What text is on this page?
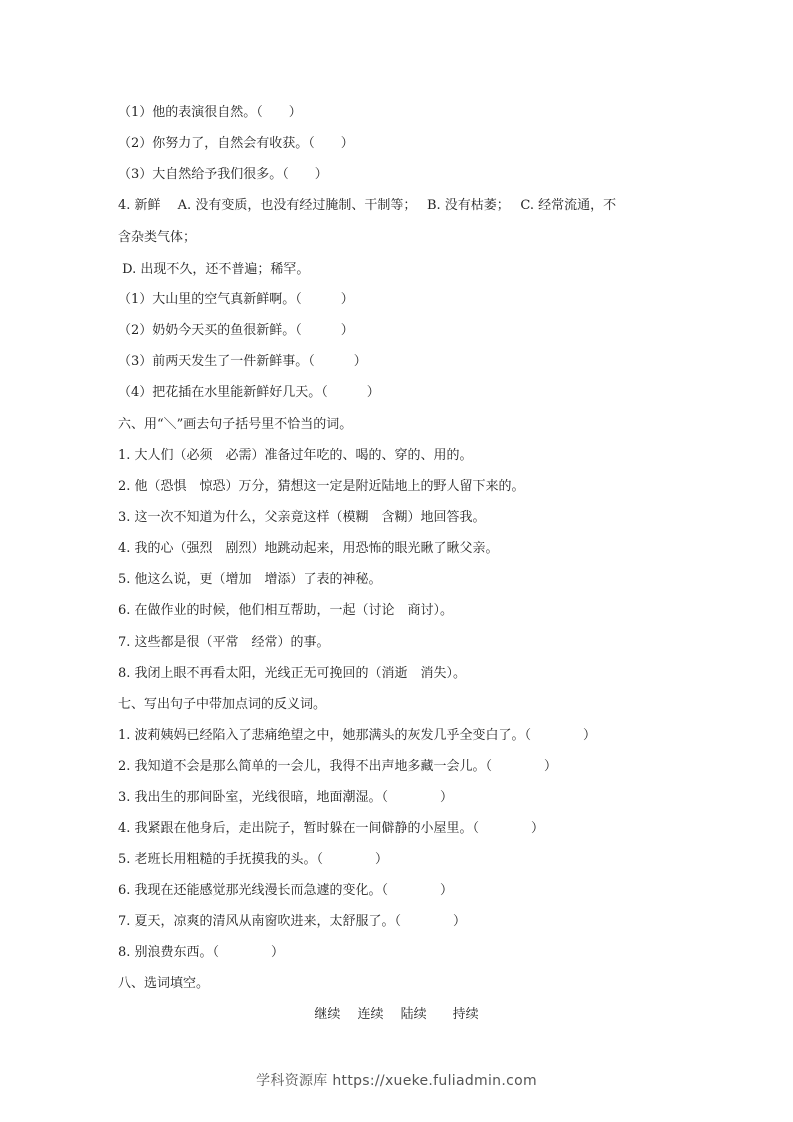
（1）他的表演很自然。（　　）

（2）你努力了，自然会有收获。（　　）

（3）大自然给予我们很多。（　　）

4. 新鲜　 A. 没有变质，也没有经过腌制、干制等；　 B. 没有枯萎；　 C. 经常流通，不

含杂类气体；

D. 出现不久，还不普遍；稀罕。

（1）大山里的空气真新鲜啊。（　　　）

（2）奶奶今天买的鱼很新鲜。（　　　）

（3）前两天发生了一件新鲜事。（　　　）

（4）把花插在水里能新鲜好几天。（　　　）

六、用“＼”画去句子括号里不恰当的词。

1. 大人们（必须　必需）准备过年吃的、喝的、穿的、用的。

2. 他（恐惧　惊恐）万分，猜想这一定是附近陆地上的野人留下来的。

3. 这一次不知道为什么，父亲竟这样（模糊　含糊）地回答我。

4. 我的心（强烈　剧烈）地跳动起来，用恐怖的眼光瞅了瞅父亲。

5. 他这么说，更（增加　增添）了表的神秘。

6. 在做作业的时候，他们相互帮助，一起（讨论　商讨）。

7. 这些都是很（平常　经常）的事。

8. 我闭上眼不再看太阳，光线正无可挽回的（消逝　消失）。

七、写出句子中带加点词的反义词。

1. 波莉姨妈已经陷入了悲痛绝望之中，她那满头的灰发几乎全变白了。（　　　　）

2. 我知道不会是那么简单的一会儿，我得不出声地多藏一会儿。（　　　　）

3. 我出生的那间卧室，光线很暗，地面潮湿。（　　　　）

4. 我紧跟在他身后，走出院子，暂时躲在一间僻静的小屋里。（　　　　）

5. 老班长用粗糙的手抚摸我的头。（　　　　）

6. 我现在还能感觉那光线漫长而急遽的变化。（　　　　）

7. 夏天，凉爽的清风从南窗吹进来，太舒服了。（　　　　）

8. 别浪费东西。（　　　　）

八、选词填空。

继续　 连续　 陆续　　持续
学科资源库 https://xueke.fuliadmin.com
